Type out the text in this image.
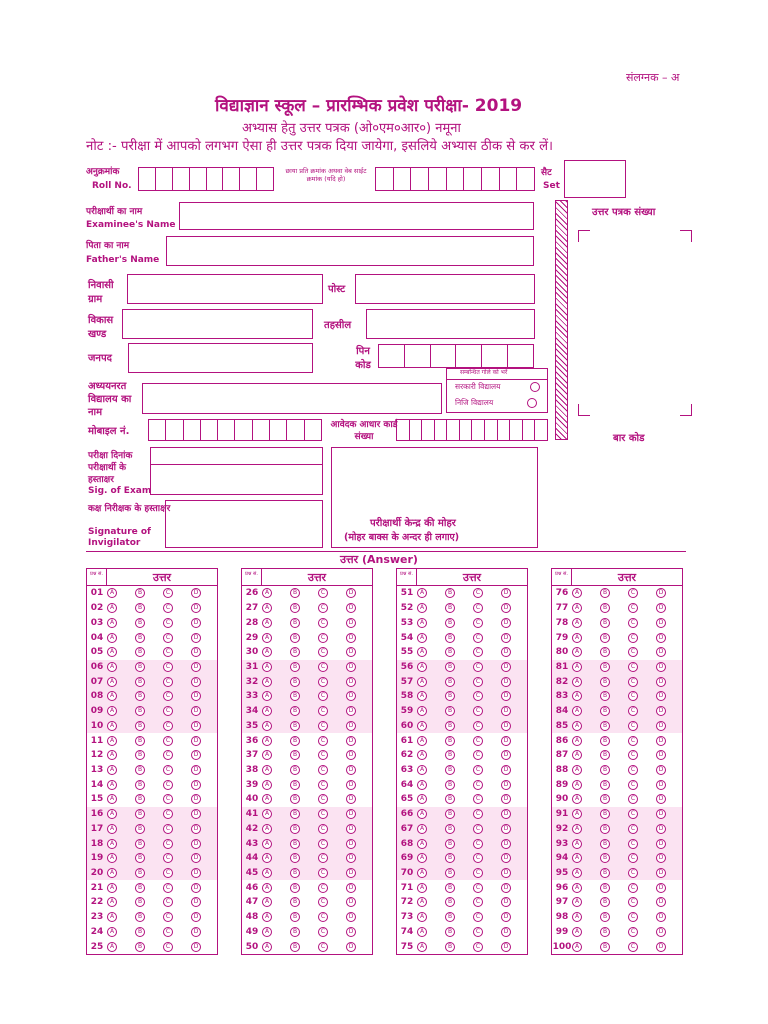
संलग्नक – अ
विद्याज्ञान स्कूल – प्रारम्भिक प्रवेश परीक्षा- 2019
अभ्यास हेतु उत्तर पत्रक (ओ०एम०आर०) नमूना
नोट :- परीक्षा में आपको लगभग ऐसा ही उत्तर पत्रक दिया जायेगा, इसलिये अभ्यास ठीक से कर लें।
अनुक्रमांक
Roll No.
छाया प्रति क्रमांक अथवा वेब साईट क्रमांक (यदि हो)
सैट
Set
परीक्षार्थी का नाम
Examinee's Name
पिता का नाम
Father's Name
निवासी ग्राम
पोस्ट
विकास खण्ड
तहसील
जनपद
पिन कोड
अध्ययनरत विद्यालय का नाम
सम्बन्धित गोले को भरें
सरकारी विद्यालय
निजि विद्यालय
मोबाइल नं.
आवेदक आधार कार्ड संख्या
परीक्षा दिनांक परीक्षार्थी के हस्ताक्षर
Sig. of Exam
कक्ष निरीक्षक के हस्ताक्षर
Signature of Invigilator
परीक्षार्थी केन्द्र की मोहर
(मोहर बाक्स के अन्दर ही लगाए)
उत्तर पत्रक संख्या
बार कोड
उत्तर (Answer)
प्रश्न सं.	उत्तर
01	A	B	C	D
02	A	B	C	D
03	A	B	C	D
04	A	B	C	D
05	A	B	C	D
06	A	B	C	D
07	A	B	C	D
08	A	B	C	D
09	A	B	C	D
10	A	B	C	D
11	A	B	C	D
12	A	B	C	D
13	A	B	C	D
14	A	B	C	D
15	A	B	C	D
16	A	B	C	D
17	A	B	C	D
18	A	B	C	D
19	A	B	C	D
20	A	B	C	D
21	A	B	C	D
22	A	B	C	D
23	A	B	C	D
24	A	B	C	D
25	A	B	C	D
प्रश्न सं.	उत्तर
26	A	B	C	D
27	A	B	C	D
28	A	B	C	D
29	A	B	C	D
30	A	B	C	D
31	A	B	C	D
32	A	B	C	D
33	A	B	C	D
34	A	B	C	D
35	A	B	C	D
36	A	B	C	D
37	A	B	C	D
38	A	B	C	D
39	A	B	C	D
40	A	B	C	D
41	A	B	C	D
42	A	B	C	D
43	A	B	C	D
44	A	B	C	D
45	A	B	C	D
46	A	B	C	D
47	A	B	C	D
48	A	B	C	D
49	A	B	C	D
50	A	B	C	D
प्रश्न सं.	उत्तर
51	A	B	C	D
52	A	B	C	D
53	A	B	C	D
54	A	B	C	D
55	A	B	C	D
56	A	B	C	D
57	A	B	C	D
58	A	B	C	D
59	A	B	C	D
60	A	B	C	D
61	A	B	C	D
62	A	B	C	D
63	A	B	C	D
64	A	B	C	D
65	A	B	C	D
66	A	B	C	D
67	A	B	C	D
68	A	B	C	D
69	A	B	C	D
70	A	B	C	D
71	A	B	C	D
72	A	B	C	D
73	A	B	C	D
74	A	B	C	D
75	A	B	C	D
प्रश्न सं.	उत्तर
76	A	B	C	D
77	A	B	C	D
78	A	B	C	D
79	A	B	C	D
80	A	B	C	D
81	A	B	C	D
82	A	B	C	D
83	A	B	C	D
84	A	B	C	D
85	A	B	C	D
86	A	B	C	D
87	A	B	C	D
88	A	B	C	D
89	A	B	C	D
90	A	B	C	D
91	A	B	C	D
92	A	B	C	D
93	A	B	C	D
94	A	B	C	D
95	A	B	C	D
96	A	B	C	D
97	A	B	C	D
98	A	B	C	D
99	A	B	C	D
100 A	B	C	D
